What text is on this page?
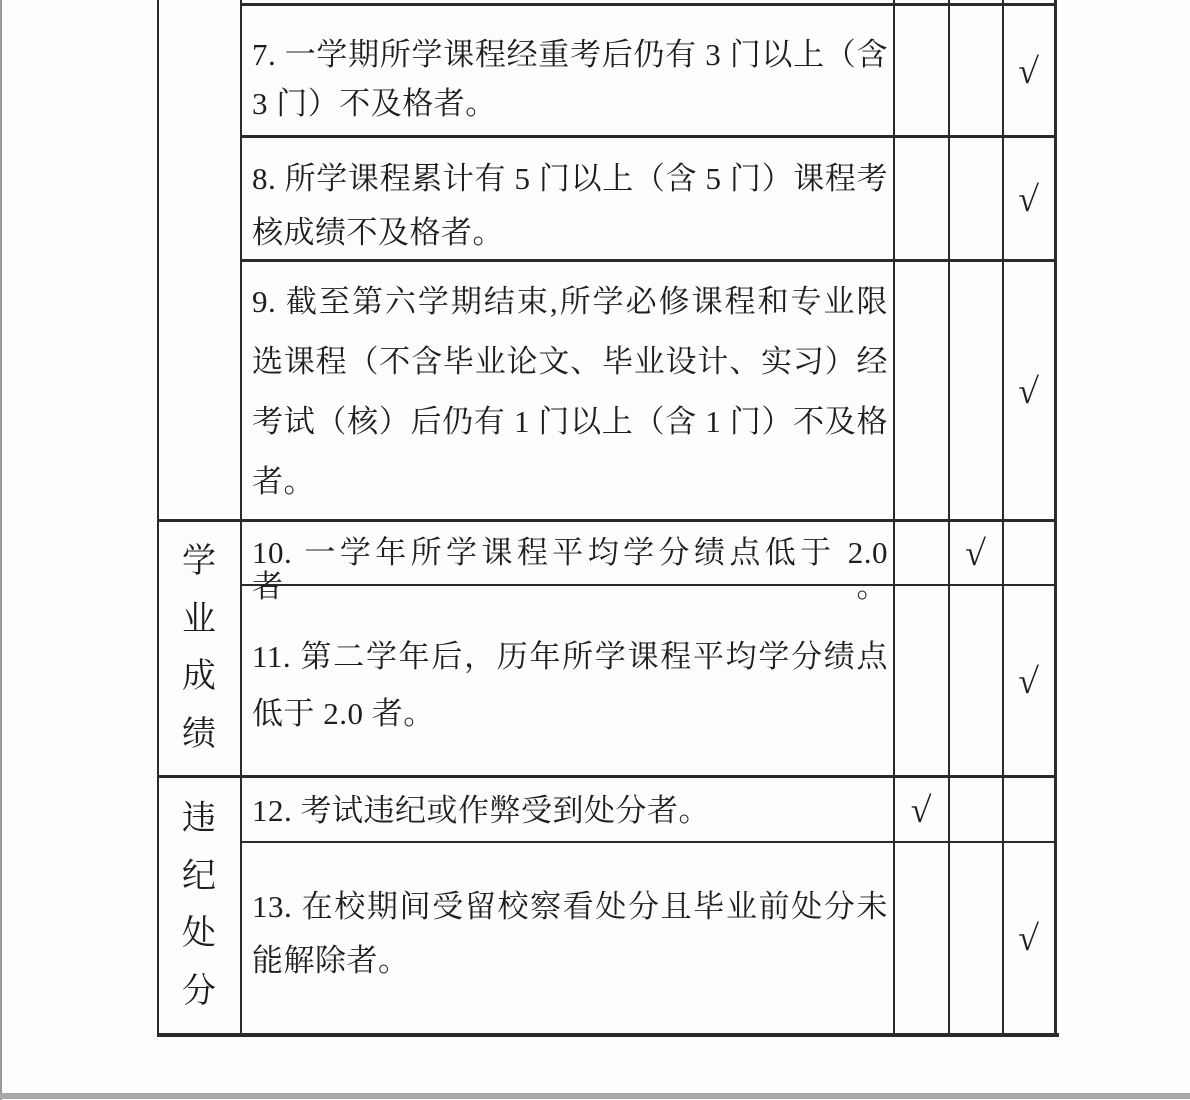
学
业
成
绩
违
纪
处
分
7. 一学期所学课程经重考后仍有 3 门以上（含
3 门）不及格者。
8. 所学课程累计有 5 门以上（含 5 门）课程考
核成绩不及格者。
9. 截至第六学期结束,所学必修课程和专业限
选课程（不含毕业论文、毕业设计、实习）经
考试（核）后仍有 1 门以上（含 1 门）不及格
者。
10. 一学年所学课程平均学分绩点低于 2.0 者。
11. 第二学年后，历年所学课程平均学分绩点
低于 2.0 者。
12. 考试违纪或作弊受到处分者。
13. 在校期间受留校察看处分且毕业前处分未
能解除者。
√
√
√
√
√
√
√
